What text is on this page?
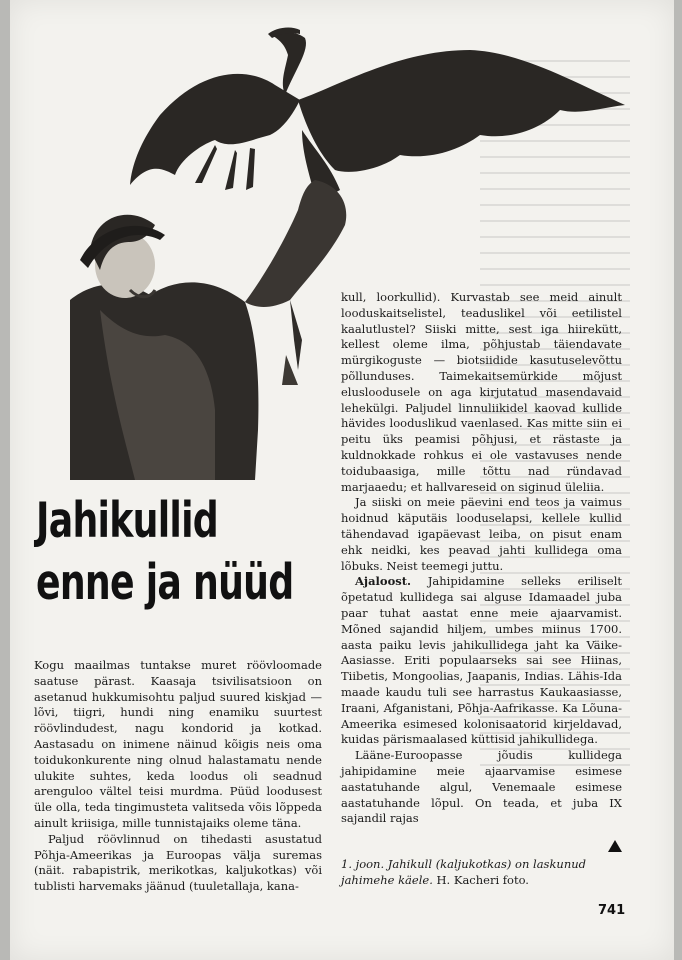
Jahikullid
enne ja nüüd

Kogu maailmas tuntakse muret röövloomade saatuse pärast. Kaasaja tsivilisatsioon on asetanud hukkumisohtu paljud suured kiskjad — lõvi, tiigri, hundi ning enamiku suurtest röövlindudest, nagu kondorid ja kotkad. Aastasadu on inimene näinud kõigis neis oma toidukonkurente ning olnud halastamatu nende ulukite suhtes, keda loodus oli seadnud arenguloo vältel teisi murdma. Püüd loodusest üle olla, teda tingimusteta valitseda võis lõppeda ainult kriisiga, mille tunnistajaiks oleme täna.

Paljud röövlinnud on tihedasti asustatud Põhja-Ameerikas ja Euroopas välja suremas (näit. rabapistrik, merikotkas, kaljukotkas) või tublisti harvemaks jäänud (tuuletallaja, kana-

kull, loorkullid). Kurvastab see meid ainult looduskaitselistel, teaduslikel või eetilistel kaalutlustel? Siiski mitte, sest iga hiirekütt, kellest oleme ilma, põhjustab täiendavate mürgikoguste — biotsiidide kasutuselevõttu põllunduses. Taimekaitsemürkide mõjust elusloodusele on aga kirjutatud masendavaid lehekülgi. Paljudel linnuliikidel kaovad kullide hävides looduslikud vaenlased. Kas mitte siin ei peitu üks peamisi põhjusi, et rästaste ja kuldnokkade rohkus ei ole vastavuses nende toidubaasiga, mille tõttu nad ründavad marjaaedu; et hallvareseid on siginud üleliia.

Ja siiski on meie päevini end teos ja vaimus hoidnud käputäis looduselapsi, kellele kullid tähendavad igapäevast leiba, on pisut enam ehk neidki, kes peavad jahti kullidega oma lõbuks. Neist teemegi juttu.

Ajaloost. Jahipidamine selleks eriliselt õpetatud kullidega sai alguse Idamaadel juba paar tuhat aastat enne meie ajaarvamist. Mõned sajandid hiljem, umbes miinus 1700. aasta paiku levis jahikullidega jaht ka Väike-Aasiasse. Eriti populaarseks sai see Hiinas, Tiibetis, Mongoolias, Jaapanis, Indias. Lähis-Ida maade kaudu tuli see harrastus Kaukaasiasse, Iraani, Afganistani, Põhja-Aafrikasse. Ka Lõuna-Ameerika esimesed kolonisaatorid kirjeldavad, kuidas pärismaalased küttisid jahikullidega.

Lääne-Euroopasse jõudis kullidega jahipidamine meie ajaarvamise esimese aastatuhande algul, Venemaale esimese aastatuhande lõpul. On teada, et juba IX sajandil rajas

1. joon. Jahikull (kaljukotkas) on laskunud jahimehe käele. H. Kacheri foto.
741
